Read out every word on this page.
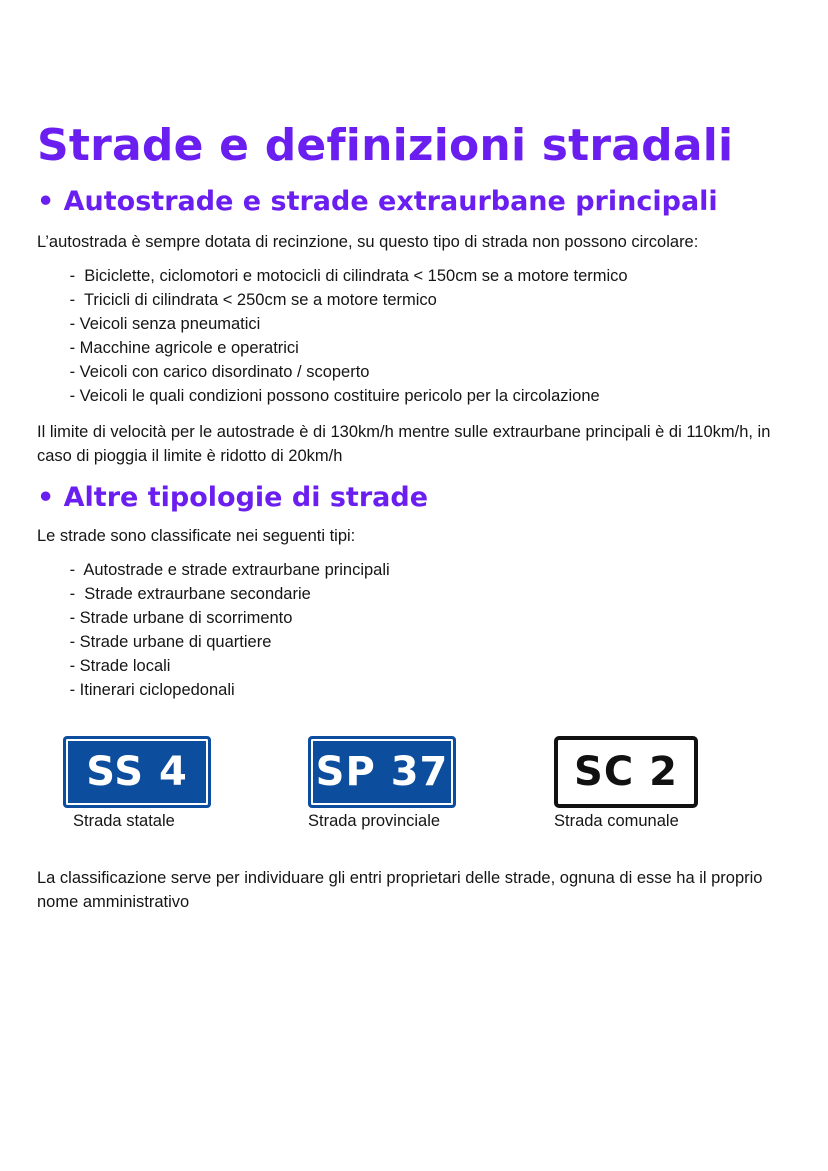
Strade e definizioni stradali
• Autostrade e strade extraurbane principali

L’autostrada è sempre dotata di recinzione, su questo tipo di strada non possono circolare:

-  Biciclette, ciclomotori e motocicli di cilindrata < 150cm se a motore termico
-  Tricicli di cilindrata < 250cm se a motore termico
- Veicoli senza pneumatici
- Macchine agricole e operatrici
- Veicoli con carico disordinato / scoperto
- Veicoli le quali condizioni possono costituire pericolo per la circolazione

Il limite di velocità per le autostrade è di 130km/h mentre sulle extraurbane principali è di 110km/h, in caso di pioggia il limite è ridotto di 20km/h

• Altre tipologie di strade

Le strade sono classificate nei seguenti tipi:

-  Autostrade e strade extraurbane principali
-  Strade extraurbane secondarie
- Strade urbane di scorrimento
- Strade urbane di quartiere
- Strade locali
- Itinerari ciclopedonali
SS 4
Strada statale
SP 37
Strada provinciale
SC 2
Strada comunale

La classificazione serve per individuare gli entri proprietari delle strade, ognuna di esse ha il proprio nome amministrativo
